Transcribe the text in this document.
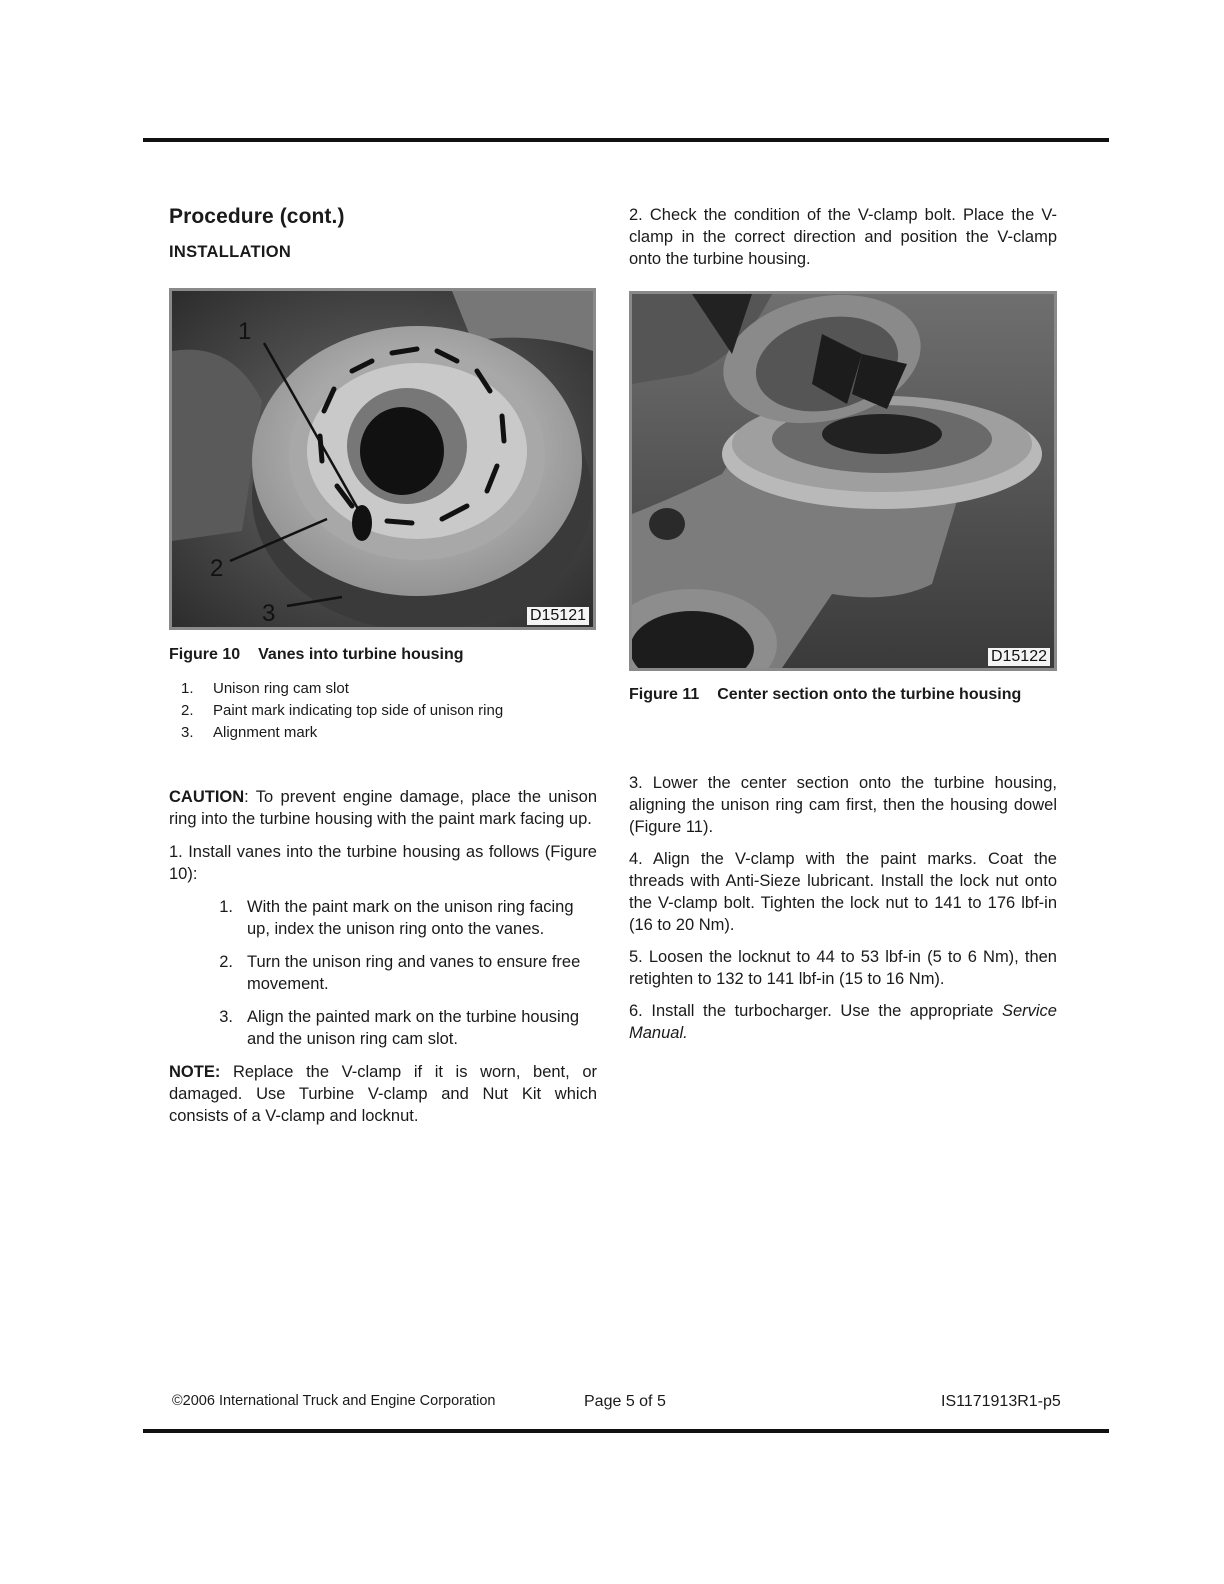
Procedure (cont.)
INSTALLATION
1
2
3	D15121

Figure 10 Vanes into turbine housing

1.	Unison ring cam slot
2.	Paint mark indicating top side of unison ring
3.	Alignment mark

CAUTION: To prevent engine damage, place the unison ring into the turbine housing with the paint mark facing up.

1. Install vanes into the turbine housing as follows (Figure 10):

1. With the paint mark on the unison ring facing up, index the unison ring onto the vanes.
2. Turn the unison ring and vanes to ensure free movement.
3. Align the painted mark on the turbine housing and the unison ring cam slot.

NOTE: Replace the V-clamp if it is worn, bent, or damaged. Use Turbine V-clamp and Nut Kit which consists of a V-clamp and locknut.

2. Check the condition of the V-clamp bolt. Place the V-clamp in the correct direction and position the V-clamp onto the turbine housing.

D15122

Figure 11 Center section onto the turbine housing

3. Lower the center section onto the turbine housing, aligning the unison ring cam first, then the housing dowel (Figure 11).

4. Align the V-clamp with the paint marks. Coat the threads with Anti-Sieze lubricant. Install the lock nut onto the V-clamp bolt. Tighten the lock nut to 141 to 176 lbf-in (16 to 20 Nm).

5. Loosen the locknut to 44 to 53 lbf-in (5 to 6 Nm), then retighten to 132 to 141 lbf-in (15 to 16 Nm).

6. Install the turbocharger. Use the appropriate Service Manual.

©2006 International Truck and Engine Corporation	Page 5 of 5	IS1171913R1-p5
